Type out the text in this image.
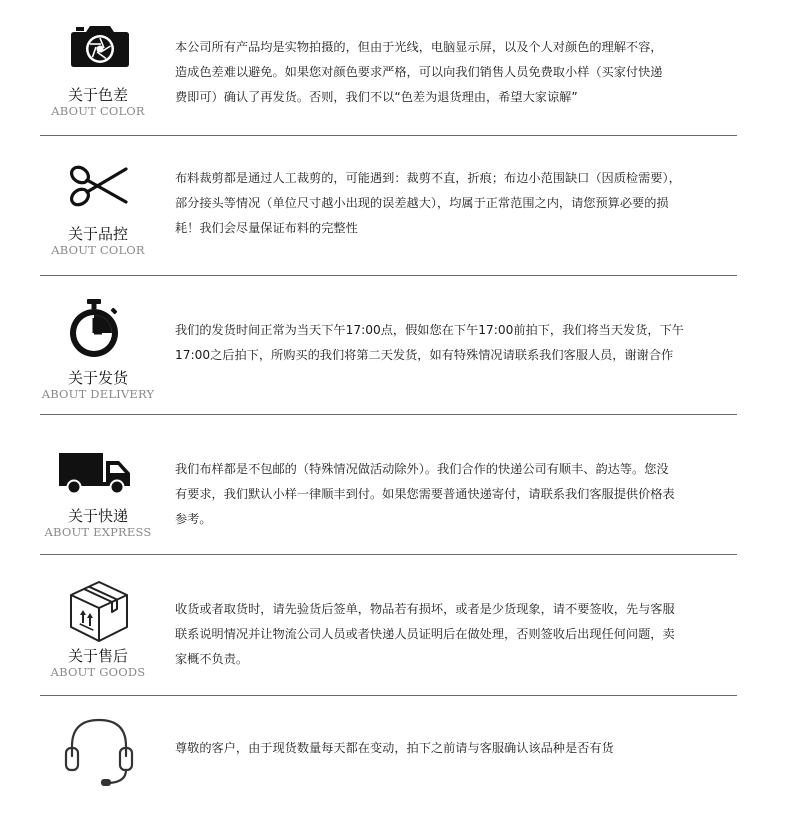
关于色差
ABOUT COLOR
本公司所有产品均是实物拍摄的，但由于光线，电脑显示屏，以及个人对颜色的理解不容，
造成色差难以避免。如果您对颜色要求严格，可以向我们销售人员免费取小样（买家付快递
费即可）确认了再发货。否则，我们不以“色差为退货理由，希望大家谅解”
关于品控
ABOUT COLOR
布料裁剪都是通过人工裁剪的，可能遇到：裁剪不直，折痕；布边小范围缺口（因质检需要），
部分接头等情况（单位尺寸越小出现的误差越大），均属于正常范围之内，请您预算必要的损
耗！我们会尽量保证布料的完整性
关于发货
ABOUT DELIVERY
我们的发货时间正常为当天下午17:00点，假如您在下午17:00前拍下，我们将当天发货，下午
17:00之后拍下，所购买的我们将第二天发货，如有特殊情况请联系我们客服人员，谢谢合作
关于快递
ABOUT EXPRESS
我们布样都是不包邮的（特殊情况做活动除外）。我们合作的快递公司有顺丰、韵达等。您没
有要求，我们默认小样一律顺丰到付。如果您需要普通快递寄付，请联系我们客服提供价格表
参考。
关于售后
ABOUT GOODS
收货或者取货时，请先验货后签单，物品若有损坏，或者是少货现象，请不要签收，先与客服
联系说明情况并让物流公司人员或者快递人员证明后在做处理，否则签收后出现任何问题，卖
家概不负责。
尊敬的客户，由于现货数量每天都在变动，拍下之前请与客服确认该品种是否有货
